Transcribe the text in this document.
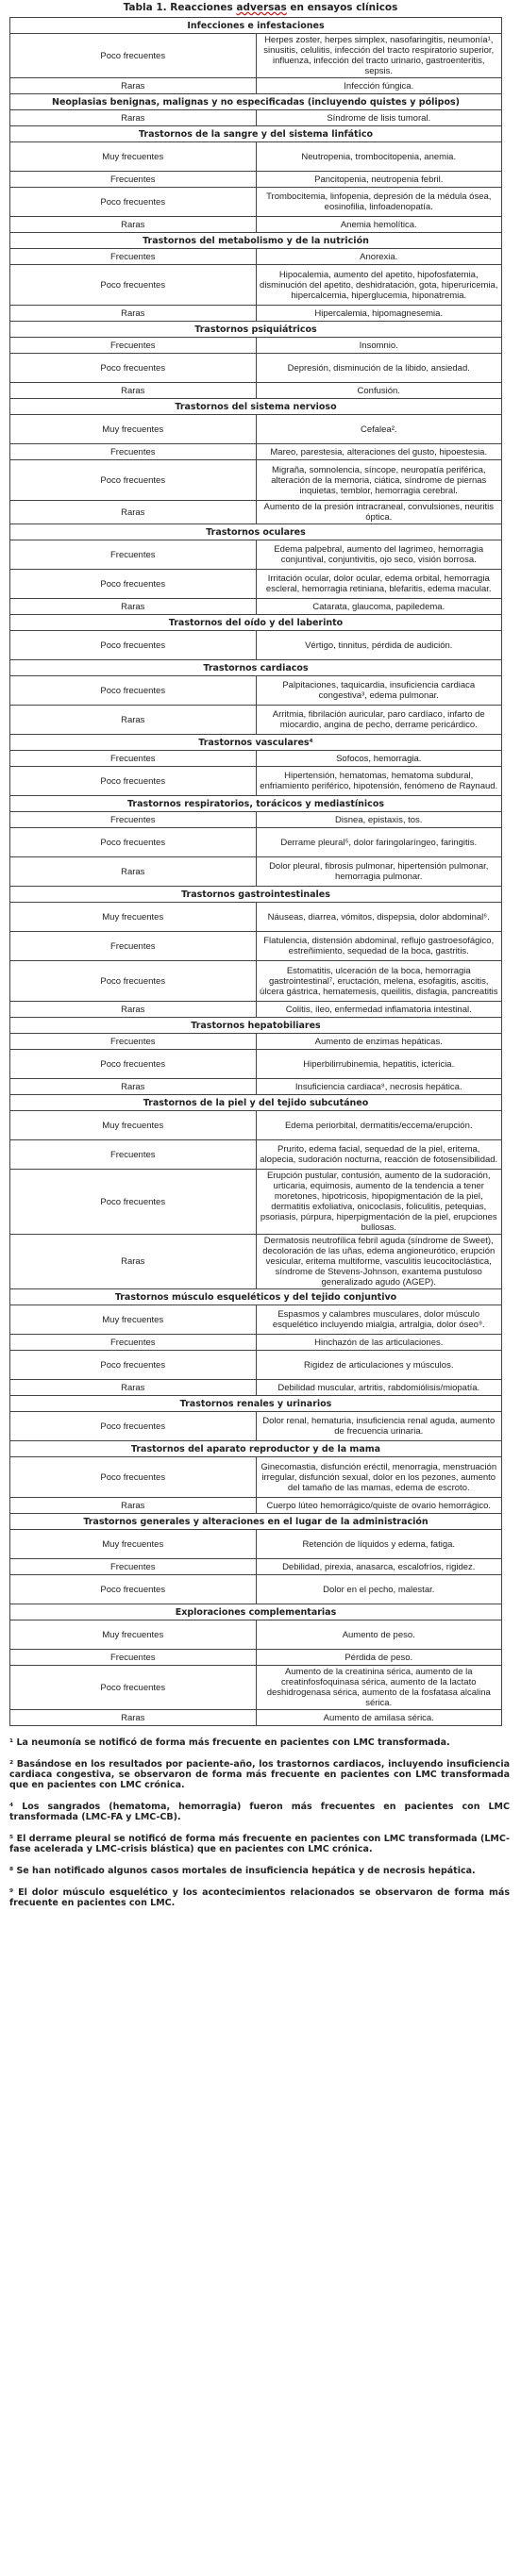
Tabla 1. Reacciones adversas en ensayos clínicos
Infecciones e infestaciones	
Poco frecuentes	Herpes zoster, herpes simplex, nasofaringitis, neumonía¹, sinusitis, celulitis, infección del tracto respiratorio superior, influenza, infección del tracto urinario, gastroenteritis, sepsis.
Raras	Infección fúngica.
Neoplasias benignas, malignas y no especificadas (incluyendo quistes y pólipos)	
Raras	Síndrome de lisis tumoral.
Trastornos de la sangre y del sistema linfático	
Muy frecuentes	Neutropenia, trombocitopenia, anemia.
Frecuentes	Pancitopenia, neutropenia febril.
Poco frecuentes	Trombocitemia, linfopenia, depresión de la médula ósea, eosinofilia, linfoadenopatía.
Raras	Anemia hemolítica.
Trastornos del metabolismo y de la nutrición	
Frecuentes	Anorexia.
Poco frecuentes	Hipocalemia, aumento del apetito, hipofosfatemia, disminución del apetito, deshidratación, gota, hiperuricemia, hipercalcemia, hiperglucemia, hiponatremia.
Raras	Hipercalemia, hipomagnesemia.
Trastornos psiquiátricos	
Frecuentes	Insomnio.
Poco frecuentes	Depresión, disminución de la libido, ansiedad.
Raras	Confusión.
Trastornos del sistema nervioso	
Muy frecuentes	Cefalea².
Frecuentes	Mareo, parestesia, alteraciones del gusto, hipoestesia.
Poco frecuentes	Migraña, somnolencia, síncope, neuropatía periférica, alteración de la memoria, ciática, síndrome de piernas inquietas, temblor, hemorragia cerebral.
Raras	Aumento de la presión intracraneal, convulsiones, neuritis óptica.
Trastornos oculares	
Frecuentes	Edema palpebral, aumento del lagrimeo, hemorragia conjuntival, conjuntivitis, ojo seco, visión borrosa.
Poco frecuentes	Irritación ocular, dolor ocular, edema orbital, hemorragia escleral, hemorragia retiniana, blefaritis, edema macular.
Raras	Catarata, glaucoma, papiledema.
Trastornos del oído y del laberinto	
Poco frecuentes	Vértigo, tinnitus, pérdida de audición.
Trastornos cardiacos	
Poco frecuentes	Palpitaciones, taquicardia, insuficiencia cardiaca congestiva³, edema pulmonar.
Raras	Arritmia, fibrilación auricular, paro cardíaco, infarto de miocardio, angina de pecho, derrame pericárdico.
Trastornos vasculares⁴	
Frecuentes	Sofocos, hemorragia.
Poco frecuentes	Hipertensión, hematomas, hematoma subdural, enfriamiento periférico, hipotensión, fenómeno de Raynaud.
Trastornos respiratorios, torácicos y mediastínicos	
Frecuentes	Disnea, epistaxis, tos.
Poco frecuentes	Derrame pleural⁵, dolor faringolaríngeo, faringitis.
Raras	Dolor pleural, fibrosis pulmonar, hipertensión pulmonar, hemorragia pulmonar.
Trastornos gastrointestinales	
Muy frecuentes	Náuseas, diarrea, vómitos, dispepsia, dolor abdominal⁶.
Frecuentes	Flatulencia, distensión abdominal, reflujo gastroesofágico, estreñimiento, sequedad de la boca, gastritis.
Poco frecuentes	Estomatitis, ulceración de la boca, hemorragia gastrointestinal⁷, eructación, melena, esofagitis, ascitis, úlcera gástrica, hematemesis, queilitis, disfagia, pancreatitis
Raras	Colitis, íleo, enfermedad inflamatoria intestinal.
Trastornos hepatobiliares	
Frecuentes	Aumento de enzimas hepáticas.
Poco frecuentes	Hiperbilirrubinemia, hepatitis, ictericia.
Raras	Insuficiencia cardiaca⁸, necrosis hepática.
Trastornos de la piel y del tejido subcutáneo	
Muy frecuentes	Edema periorbital, dermatitis/eccema/erupción.
Frecuentes	Prurito, edema facial, sequedad de la piel, eritema, alopecia, sudoración nocturna, reacción de fotosensibilidad.
Poco frecuentes	Erupción pustular, contusión, aumento de la sudoración, urticaria, equimosis, aumento de la tendencia a tener moretones, hipotricosis, hipopigmentación de la piel, dermatitis exfoliativa, onicoclasis, foliculitis, petequias, psoriasis, púrpura, hiperpigmentación de la piel, erupciones bullosas.
Raras	Dermatosis neutrofílica febril aguda (síndrome de Sweet), decoloración de las uñas, edema angioneurótico, erupción vesicular, eritema multiforme, vasculitis leucocitoclástica, síndrome de Stevens-Johnson, exantema pustuloso generalizado agudo (AGEP).
Trastornos músculo esqueléticos y del tejido conjuntivo	
Muy frecuentes	Espasmos y calambres musculares, dolor músculo esquelético incluyendo mialgia, artralgia, dolor óseo⁹.
Frecuentes	Hinchazón de las articulaciones.
Poco frecuentes	Rigidez de articulaciones y músculos.
Raras	Debilidad muscular, artritis, rabdomiólisis/miopatía.
Trastornos renales y urinarios	
Poco frecuentes	Dolor renal, hematuria, insuficiencia renal aguda, aumento de frecuencia urinaria.
Trastornos del aparato reproductor y de la mama	
Poco frecuentes	Ginecomastia, disfunción eréctil, menorragia, menstruación irregular, disfunción sexual, dolor en los pezones, aumento del tamaño de las mamas, edema de escroto.
Raras	Cuerpo lúteo hemorrágico/quiste de ovario hemorrágico.
Trastornos generales y alteraciones en el lugar de la administración	
Muy frecuentes	Retención de líquidos y edema, fatiga.
Frecuentes	Debilidad, pirexia, anasarca, escalofríos, rigidez.
Poco frecuentes	Dolor en el pecho, malestar.
Exploraciones complementarias	
Muy frecuentes	Aumento de peso.
Frecuentes	Pérdida de peso.
Poco frecuentes	Aumento de la creatinina sérica, aumento de la creatinfosfoquinasa sérica, aumento de la lactato deshidrogenasa sérica, aumento de la fosfatasa alcalina sérica.
Raras	Aumento de amilasa sérica.
¹ La neumonía se notificó de forma más frecuente en pacientes con LMC transformada.
² Basándose en los resultados por paciente-año, los trastornos cardiacos, incluyendo insuficiencia cardiaca congestiva, se observaron de forma más frecuente en pacientes con LMC transformada que en pacientes con LMC crónica.
⁴ Los sangrados (hematoma, hemorragia) fueron más frecuentes en pacientes con LMC transformada (LMC-FA y LMC-CB).
⁵ El derrame pleural se notificó de forma más frecuente en pacientes con LMC transformada (LMC-fase acelerada y LMC-crisis blástica) que en pacientes con LMC crónica.
⁸ Se han notificado algunos casos mortales de insuficiencia hepática y de necrosis hepática.
⁹ El dolor músculo esquelético y los acontecimientos relacionados se observaron de forma más frecuente en pacientes con LMC.
